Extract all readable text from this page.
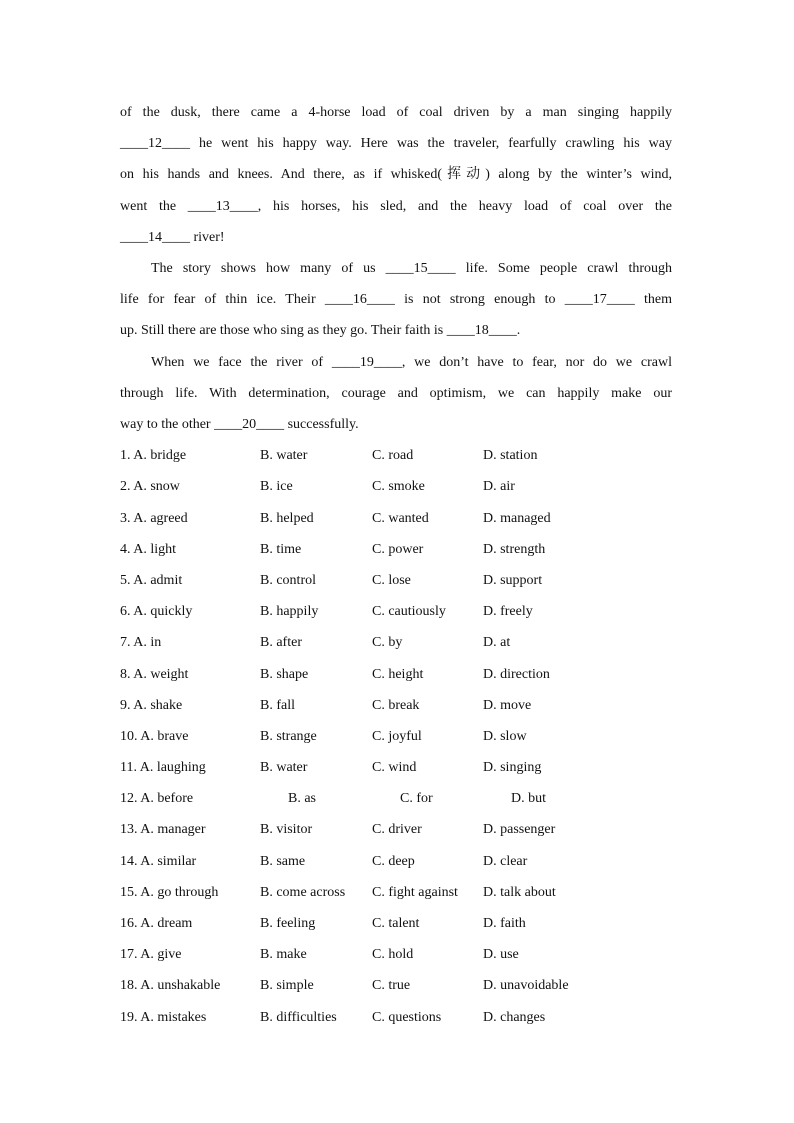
of the dusk, there came a 4-horse load of coal driven by a man singing happily
____12____ he went his happy way. Here was the traveler, fearfully crawling his way
on his hands and knees. And there, as if whisked(挥动) along by the winter’s wind,
went the ____13____, his horses, his sled, and the heavy load of coal over the
____14____ river!
The story shows how many of us ____15____ life. Some people crawl through
life for fear of thin ice. Their ____16____ is not strong enough to ____17____ them
up. Still there are those who sing as they go. Their faith is ____18____.
When we face the river of ____19____, we don’t have to fear, nor do we crawl
through life. With determination, courage and optimism, we can happily make our
way to the other ____20____ successfully.
1. A. bridge	B. water	C. road	D. station
2. A. snow	B. ice	C. smoke	D. air
3. A. agreed	B. helped	C. wanted	D. managed
4. A. light	B. time	C. power	D. strength
5. A. admit	B. control	C. lose	D. support
6. A. quickly	B. happily	C. cautiously	D. freely
7. A. in	B. after	C. by	D. at
8. A. weight	B. shape	C. height	D. direction
9. A. shake	B. fall	C. break	D. move
10. A. brave	B. strange	C. joyful	D. slow
11. A. laughing	B. water	C. wind	D. singing
12. A. before	B. as	C. for	D. but
13. A. manager	B. visitor	C. driver	D. passenger
14. A. similar	B. same	C. deep	D. clear
15. A. go through	B. come across C. fight against D. talk about
16. A. dream	B. feeling	C. talent	D. faith
17. A. give	B. make	C. hold	D. use
18. A. unshakable	B. simple	C. true	D. unavoidable
19. A. mistakes	B. difficulties	C. questions	D. changes
